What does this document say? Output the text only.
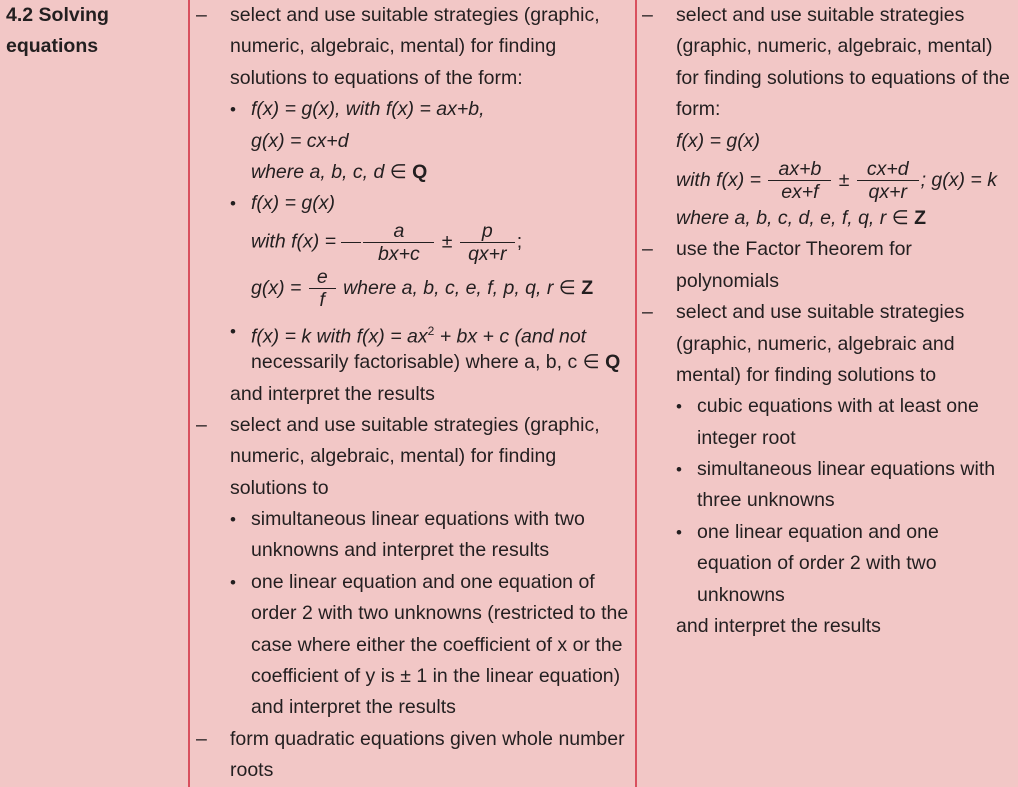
4.2 Solving
equations
– select and use suitable strategies (graphic,
numeric, algebraic, mental) for finding
solutions to equations of the form:
• f(x) = g(x), with f(x) = ax+b,
g(x) = cx+d
where a, b, c, d ∈ Q
• f(x) = g(x)
with $f(x) = \frac{a}{bx+c} \pm \frac{p}{qx+r}$ ;
$g(x) = \frac{e}{f}$ where a, b, c, e, f, p, q, r ∈ Z
• f(x) = k with $f(x) = ax^2$ + bx + c (and not
necessarily factorisable) where a, b, c ∈ Q
and interpret the results
– select and use suitable strategies (graphic,
numeric, algebraic, mental) for finding
solutions to
• simultaneous linear equations with two
unknowns and interpret the results
• one linear equation and one equation of
order 2 with two unknowns (restricted to the
case where either the coefficient of x or the
coefficient of y is ± 1 in the linear equation)
and interpret the results
– form quadratic equations given whole number
roots
– select and use suitable strategies
(graphic, numeric, algebraic, mental)
for finding solutions to equations of the
form:
f(x) = g(x)
with $f(x) = \frac{ax+b}{ex+f} \pm \frac{cx+d}{qx+r}$ ; g(x) = k
where a, b, c, d, e, f, q, r ∈ Z
– use the Factor Theorem for
polynomials
– select and use suitable strategies
(graphic, numeric, algebraic and
mental) for finding solutions to
• cubic equations with at least one
integer root
• simultaneous linear equations with
three unknowns
• one linear equation and one
equation of order 2 with two
unknowns
and interpret the results
